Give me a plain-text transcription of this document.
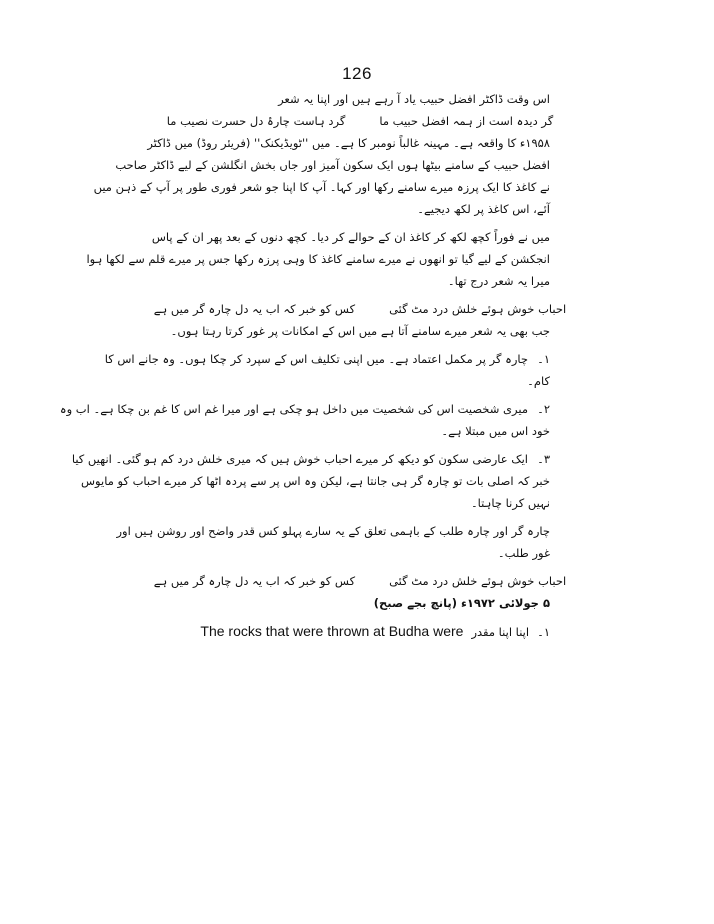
126
اس وقت ڈاکٹر افضل حبیب یاد آ رہے ہیں اور اپنا یہ شعر
گر دیدہ است از ہمہ افضل حبیب ما
گرد ہاست چارۂ دل حسرت نصیب ما
۱۹۵۸ء کا واقعہ ہے۔ مہینہ غالباً نومبر کا ہے۔ میں ''ٹویڈیکنک'' (فریئر روڈ) میں ڈاکٹر
افضل حبیب کے سامنے بیٹھا ہوں ایک سکون آمیز اور جاں بخش انگلشن کے لیے ڈاکٹر صاحب
نے کاغذ کا ایک پرزہ میرے سامنے رکھا اور کہا۔ آپ کا اپنا جو شعر فوری طور پر آپ کے ذہن میں
آئے، اس کاغذ پر لکھ دیجیے۔
میں نے فوراً کچھ لکھ کر کاغذ ان کے حوالے کر دیا۔ کچھ دنوں کے بعد پھر ان کے پاس
انجکشن کے لیے گیا تو انھوں نے میرے سامنے کاغذ کا وہی پرزہ رکھا جس پر میرے قلم سے لکھا ہوا
میرا یہ شعر درج تھا۔
احباب خوش ہوئے خلش درد مٹ گئی
کس کو خبر کہ اب یہ دل چارہ گر میں ہے
جب بھی یہ شعر میرے سامنے آتا ہے میں اس کے امکانات پر غور کرتا رہتا ہوں۔
۱۔
چارہ گر پر مکمل اعتماد ہے۔ میں اپنی تکلیف اس کے سپرد کر چکا ہوں۔ وہ جانے اس کا
کام۔
۲۔
میری شخصیت اس کی شخصیت میں داخل ہو چکی ہے اور میرا غم اس کا غم بن چکا ہے۔ اب وہ
خود اس میں مبتلا ہے۔
۳۔
ایک عارضی سکون کو دیکھ کر میرے احباب خوش ہیں کہ میری خلش درد کم ہو گئی۔ انھیں کیا
خبر کہ اصلی بات تو چارہ گر ہی جانتا ہے، لیکن وہ اس پر سے پردہ اٹھا کر میرے احباب کو مایوس
نہیں کرنا چاہتا۔
چارہ گر اور چارہ طلب کے باہمی تعلق کے یہ سارے پہلو کس قدر واضح اور روشن ہیں اور
غور طلب۔
احباب خوش ہوئے خلش درد مٹ گئی
کس کو خبر کہ اب یہ دل چارہ گر میں ہے
۵ جولائی ۱۹۷۲ء (پانچ بجے صبح)
۱۔
اپنا اپنا مقدر
The rocks that were thrown at Budha were
